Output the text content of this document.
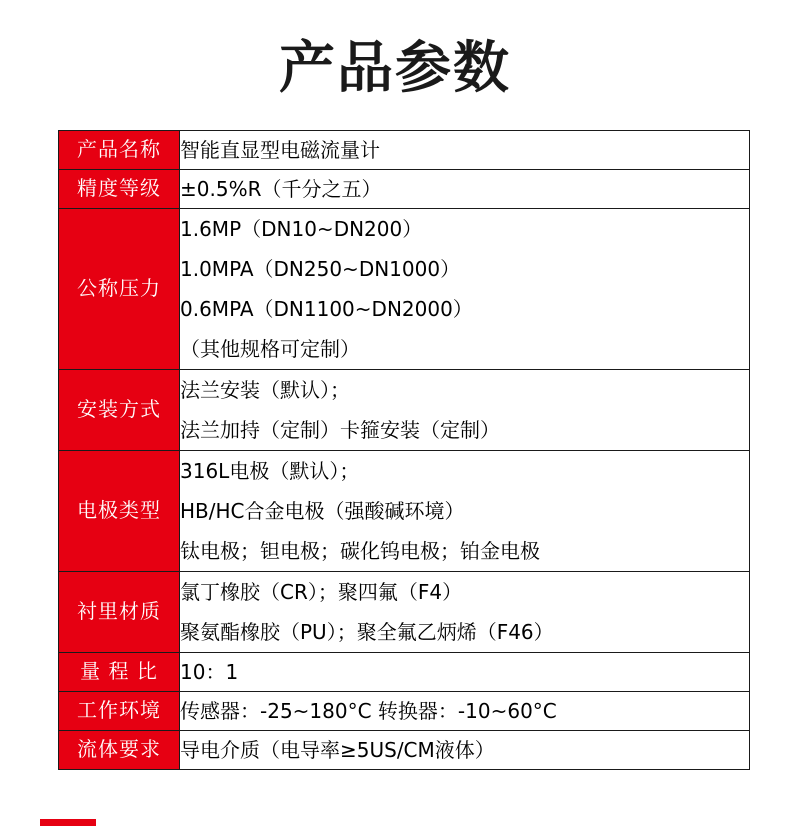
产品参数
产品名称	智能直显型电磁流量计

精度等级	±0.5%R（千分之五）

公称压力	1.6MP（DN10~DN200）
1.0MPA（DN250~DN1000）
0.6MPA（DN1100~DN2000）
（其他规格可定制）

安装方式	法兰安装（默认）；
法兰加持（定制）卡箍安装（定制）

电极类型	316L电极（默认）；
HB/HC合金电极（强酸碱环境）
钛电极；钽电极；碳化钨电极；铂金电极

衬里材质	氯丁橡胶（CR）；聚四氟（F4）
聚氨酯橡胶（PU）；聚全氟乙炳烯（F46）

量 程 比	10：1

工作环境	传感器：-25~180°C 转换器：-10~60°C

流体要求	导电介质（电导率≥5US/CM液体）
